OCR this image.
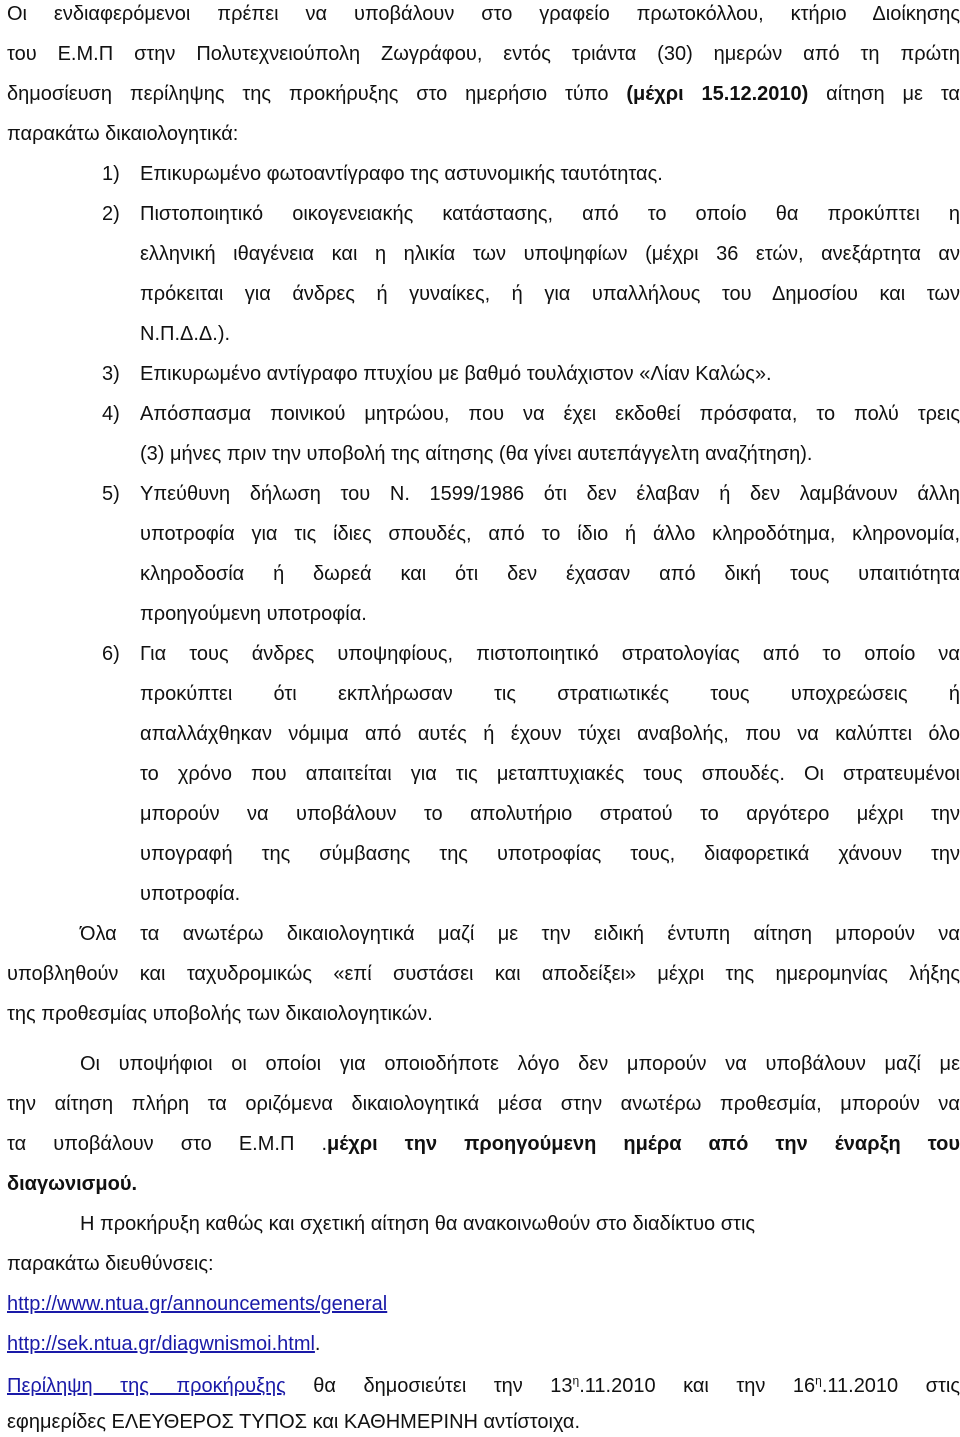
Οι ενδιαφερόμενοι πρέπει να υποβάλουν στο γραφείο πρωτοκόλλου, κτήριο Διοίκησης
του Ε.Μ.Π στην Πολυτεχνειούπολη Ζωγράφου, εντός τριάντα (30) ημερών από τη πρώτη
δημοσίευση περίληψης της προκήρυξης στο ημερήσιο τύπο (μέχρι 15.12.2010) αίτηση με τα
παρακάτω δικαιολογητικά:
1) Επικυρωμένο φωτοαντίγραφο της αστυνομικής ταυτότητας.
2) Πιστοποιητικό οικογενειακής κατάστασης, από το οποίο θα προκύπτει η
ελληνική ιθαγένεια και η ηλικία των υποψηφίων (μέχρι 36 ετών, ανεξάρτητα αν
πρόκειται για άνδρες ή γυναίκες, ή για υπαλλήλους του Δημοσίου και των
Ν.Π.Δ.Δ.).
3) Επικυρωμένο αντίγραφο πτυχίου με βαθμό τουλάχιστον «Λίαν Καλώς».
4) Απόσπασμα ποινικού μητρώου, που να έχει εκδοθεί πρόσφατα, το πολύ τρεις
(3) μήνες πριν την υποβολή της αίτησης (θα γίνει αυτεπάγγελτη αναζήτηση).
5) Υπεύθυνη δήλωση του Ν. 1599/1986 ότι δεν έλαβαν ή δεν λαμβάνουν άλλη
υποτροφία για τις ίδιες σπουδές, από το ίδιο ή άλλο κληροδότημα, κληρονομία,
κληροδοσία ή δωρεά και ότι δεν έχασαν από δική τους υπαιτιότητα
προηγούμενη υποτροφία.
6) Για τους άνδρες υποψηφίους, πιστοποιητικό στρατολογίας από το οποίο να
προκύπτει ότι εκπλήρωσαν τις στρατιωτικές τους υποχρεώσεις ή
απαλλάχθηκαν νόμιμα από αυτές ή έχουν τύχει αναβολής, που να καλύπτει όλο
το χρόνο που απαιτείται για τις μεταπτυχιακές τους σπουδές. Οι στρατευμένοι
μπορούν να υποβάλουν το απολυτήριο στρατού το αργότερο μέχρι την
υπογραφή της σύμβασης της υποτροφίας τους, διαφορετικά χάνουν την
υποτροφία.
Όλα τα ανωτέρω δικαιολογητικά μαζί με την ειδική έντυπη αίτηση μπορούν να
υποβληθούν και ταχυδρομικώς «επί συστάσει και αποδείξει» μέχρι της ημερομηνίας λήξης
της προθεσμίας υποβολής των δικαιολογητικών.
Οι υποψήφιοι οι οποίοι για οποιοδήποτε λόγο δεν μπορούν να υποβάλουν μαζί με
την αίτηση πλήρη τα οριζόμενα δικαιολογητικά μέσα στην ανωτέρω προθεσμία, μπορούν να
τα υποβάλουν στο Ε.Μ.Π .μέχρι την προηγούμενη ημέρα από την έναρξη του
διαγωνισμού.
Η προκήρυξη καθώς και σχετική αίτηση θα ανακοινωθούν στο διαδίκτυο στις
παρακάτω διευθύνσεις:
http://www.ntua.gr/announcements/general
http://sek.ntua.gr/diagwnismoi.html.
Περίληψη της προκήρυξης θα δημοσιεύτει την $13^\eta.11.2010$ και την $16^\eta.11.2010$ στις
εφημερίδες ΕΛΕΥΘΕΡΟΣ ΤΥΠΟΣ και ΚΑΘΗΜΕΡΙΝΗ αντίστοιχα.
